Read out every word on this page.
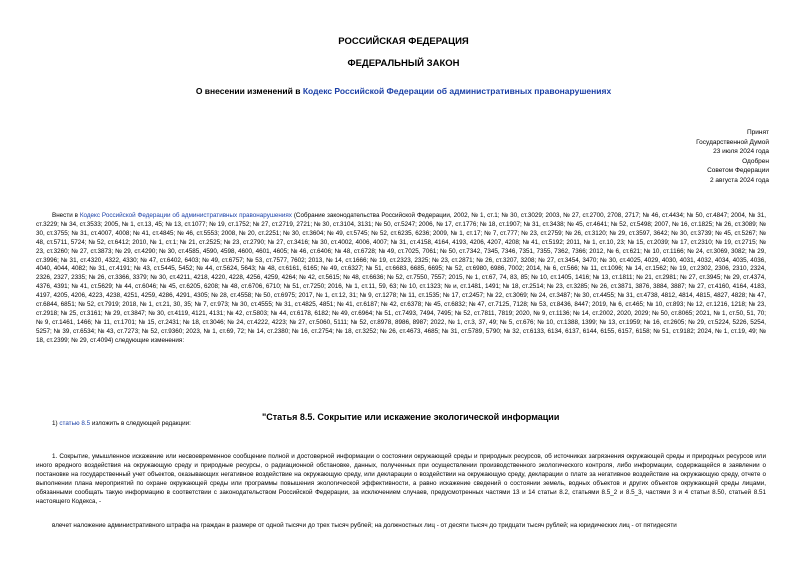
РОССИЙСКАЯ ФЕДЕРАЦИЯ
ФЕДЕРАЛЬНЫЙ ЗАКОН
О внесении изменений в Кодекс Российской Федерации об административных правонарушениях
Принят
Государственной Думой
23 июля 2024 года
Одобрен
Советом Федерации
2 августа 2024 года

Внести в Кодекс Российской Федерации об административных правонарушениях (Собрание законодательства Российской Федерации, 2002, № 1, ст.1; № 30, ст.3029; 2003, № 27, ст.2700, 2708, 2717; № 46, ст.4434; № 50, ст.4847; 2004, № 31, ст.3229; № 34, ст.3533; 2005, № 1, ст.13, 45; № 13, ст.1077; № 19, ст.1752; № 27, ст.2719, 2721; № 30, ст.3104, 3131; № 50, ст.5247; 2006, № 17, ст.1776; № 18, ст.1907; № 31, ст.3438; № 45, ст.4641; № 52, ст.5498; 2007, № 16, ст.1825; № 26, ст.3089; № 30, ст.3755; № 31, ст.4007, 4008; № 41, ст.4845; № 46, ст.5553; 2008, № 20, ст.2251; № 30, ст.3604; № 49, ст.5745; № 52, ст.6235, 6236; 2009, № 1, ст.17; № 7, ст.777; № 23, ст.2759; № 26, ст.3120; № 29, ст.3597, 3642; № 30, ст.3739; № 45, ст.5267; № 48, ст.5711, 5724; № 52, ст.6412; 2010, № 1, ст.1; № 21, ст.2525; № 23, ст.2790; № 27, ст.3416; № 30, ст.4002, 4006, 4007; № 31, ст.4158, 4164, 4193, 4206, 4207, 4208; № 41, ст.5192; 2011, № 1, ст.10, 23; № 15, ст.2039; № 17, ст.2310; № 19, ст.2715; № 23, ст.3260; № 27, ст.3873; № 29, ст.4290; № 30, ст.4585, 4590, 4598, 4600, 4601, 4605; № 46, ст.6406; № 48, ст.6728; № 49, ст.7025, 7061; № 50, ст.7342, 7345, 7346, 7351, 7355, 7362, 7366; 2012, № 6, ст.621; № 10, ст.1166; № 24, ст.3069, 3082; № 29, ст.3996; № 31, ст.4320, 4322, 4330; № 47, ст.6402, 6403; № 49, ст.6757; № 53, ст.7577, 7602; 2013, № 14, ст.1666; № 19, ст.2323, 2325; № 23, ст.2871; № 26, ст.3207, 3208; № 27, ст.3454, 3470; № 30, ст.4025, 4029, 4030, 4031, 4032, 4034, 4035, 4036, 4040, 4044, 4082; № 31, ст.4191; № 43, ст.5445, 5452; № 44, ст.5624, 5643; № 48, ст.6161, 6165; № 49, ст.6327; № 51, ст.6683, 6685, 6695; № 52, ст.6980, 6986, 7002; 2014, № 6, ст.566; № 11, ст.1096; № 14, ст.1562; № 19, ст.2302, 2306, 2310, 2324, 2326, 2327, 2335; № 26, ст.3366, 3379; № 30, ст.4211, 4218, 4220, 4228, 4256, 4259, 4264; № 42, ст.5615; № 48, ст.6636; № 52, ст.7550, 7557; 2015, № 1, ст.67, 74, 83, 85; № 10, ст.1405, 1416; № 13, ст.1811; № 21, ст.2981; № 27, ст.3945; № 29, ст.4374, 4376, 4391; № 41, ст.5629; № 44, ст.6046; № 45, ст.6205, 6208; № 48, ст.6706, 6710; № 51, ст.7250; 2016, № 1, ст.11, 59, 63; № 10, ст.1323; № и, ст.1481, 1491; № 18, ст.2514; № 23, ст.3285; № 26, ст.3871, 3876, 3884, 3887; № 27, ст.4160, 4164, 4183, 4197, 4205, 4206, 4223, 4238, 4251, 4259, 4286, 4291, 4305; № 28, ст.4558; № 50, ст.6975; 2017, № 1, ст.12, 31; № 9, ст.1278; № 11, ст.1535; № 17, ст.2457; № 22, ст.3069; № 24, ст.3487; № 30, ст.4455; № 31, ст.4738, 4812, 4814, 4815, 4827, 4828; № 47, ст.6844, 6851; № 52, ст.7919; 2018, № 1, ст.21, 30, 35; № 7, ст.973; № 30, ст.4555; № 31, ст.4825, 4851; № 41, ст.6187; № 42, ст.6378; № 45, ст.6832; № 47, ст.7125, 7128; № 53, ст.8436, 8447; 2019, № 6, ст.465; № 10, ст.893; № 12, ст.1216, 1218; № 23, ст.2918; № 25, ст.3161; № 29, ст.3847; № 30, ст.4119, 4121, 4131; № 42, ст.5803; № 44, ст.6178, 6182; № 49, ст.6964; № 51, ст.7493, 7494, 7495; № 52, ст.7811, 7819; 2020, № 9, ст.1136; № 14, ст.2002, 2020, 2029; № 50, ст.8065; 2021, № 1, ст.50, 51, 70; № 9, ст.1461, 1466; № 11, ст.1701; № 15, ст.2431; № 18, ст.3046; № 24, ст.4222, 4223; № 27, ст.5060, 5111; № 52, ст.8978, 8986, 8987; 2022, № 1, ст.3, 37, 49; № 5, ст.676; № 10, ст.1388, 1399; № 13, ст.1959; № 16, ст.2605; № 29, ст.5224, 5226, 5254, 5257; № 39, ст.6534; № 43, ст.7273; № 52, ст.9360; 2023, № 1, ст.69, 72; № 14, ст.2380; № 16, ст.2754; № 18, ст.3252; № 26, ст.4673, 4685; № 31, ст.5789, 5790; № 32, ст.6133, 6134, 6137, 6144, 6155, 6157, 6158; № 51, ст.9182; 2024, № 1, ст.19, 49; № 18, ст.2399; № 29, ст.4094) следующие изменения:

1) статью 8.5 изложить в следующей редакции:
"Статья 8.5. Сокрытие или искажение экологической информации

1. Сокрытие, умышленное искажение или несвоевременное сообщение полной и достоверной информации о состоянии окружающей среды и природных ресурсов, об источниках загрязнения окружающей среды и природных ресурсов или иного вредного воздействия на окружающую среду и природные ресурсы, о радиационной обстановке, данных, полученных при осуществлении производственного экологического контроля, либо информации, содержащейся в заявлении о постановке на государственный учет объектов, оказывающих негативное воздействие на окружающую среду, или декларации о воздействии на окружающую среду, декларации о плате за негативное воздействие на окружающую среду, отчете о выполнении плана мероприятий по охране окружающей среды или программы повышения экологической эффективности, а равно искажение сведений о состоянии земель, водных объектов и других объектов окружающей среды лицами, обязанными сообщать такую информацию в соответствии с законодательством Российской Федерации, за исключением случаев, предусмотренных частями 13 и 14 статьи 8.2, статьями 8.5_2 и 8.5_3, частями 3 и 4 статьи 8.50, статьей 8.51 настоящего Кодекса, -

влечет наложение административного штрафа на граждан в размере от одной тысячи до трех тысяч рублей; на должностных лиц - от десяти тысяч до тридцати тысяч рублей; на юридических лиц - от пятидесяти
